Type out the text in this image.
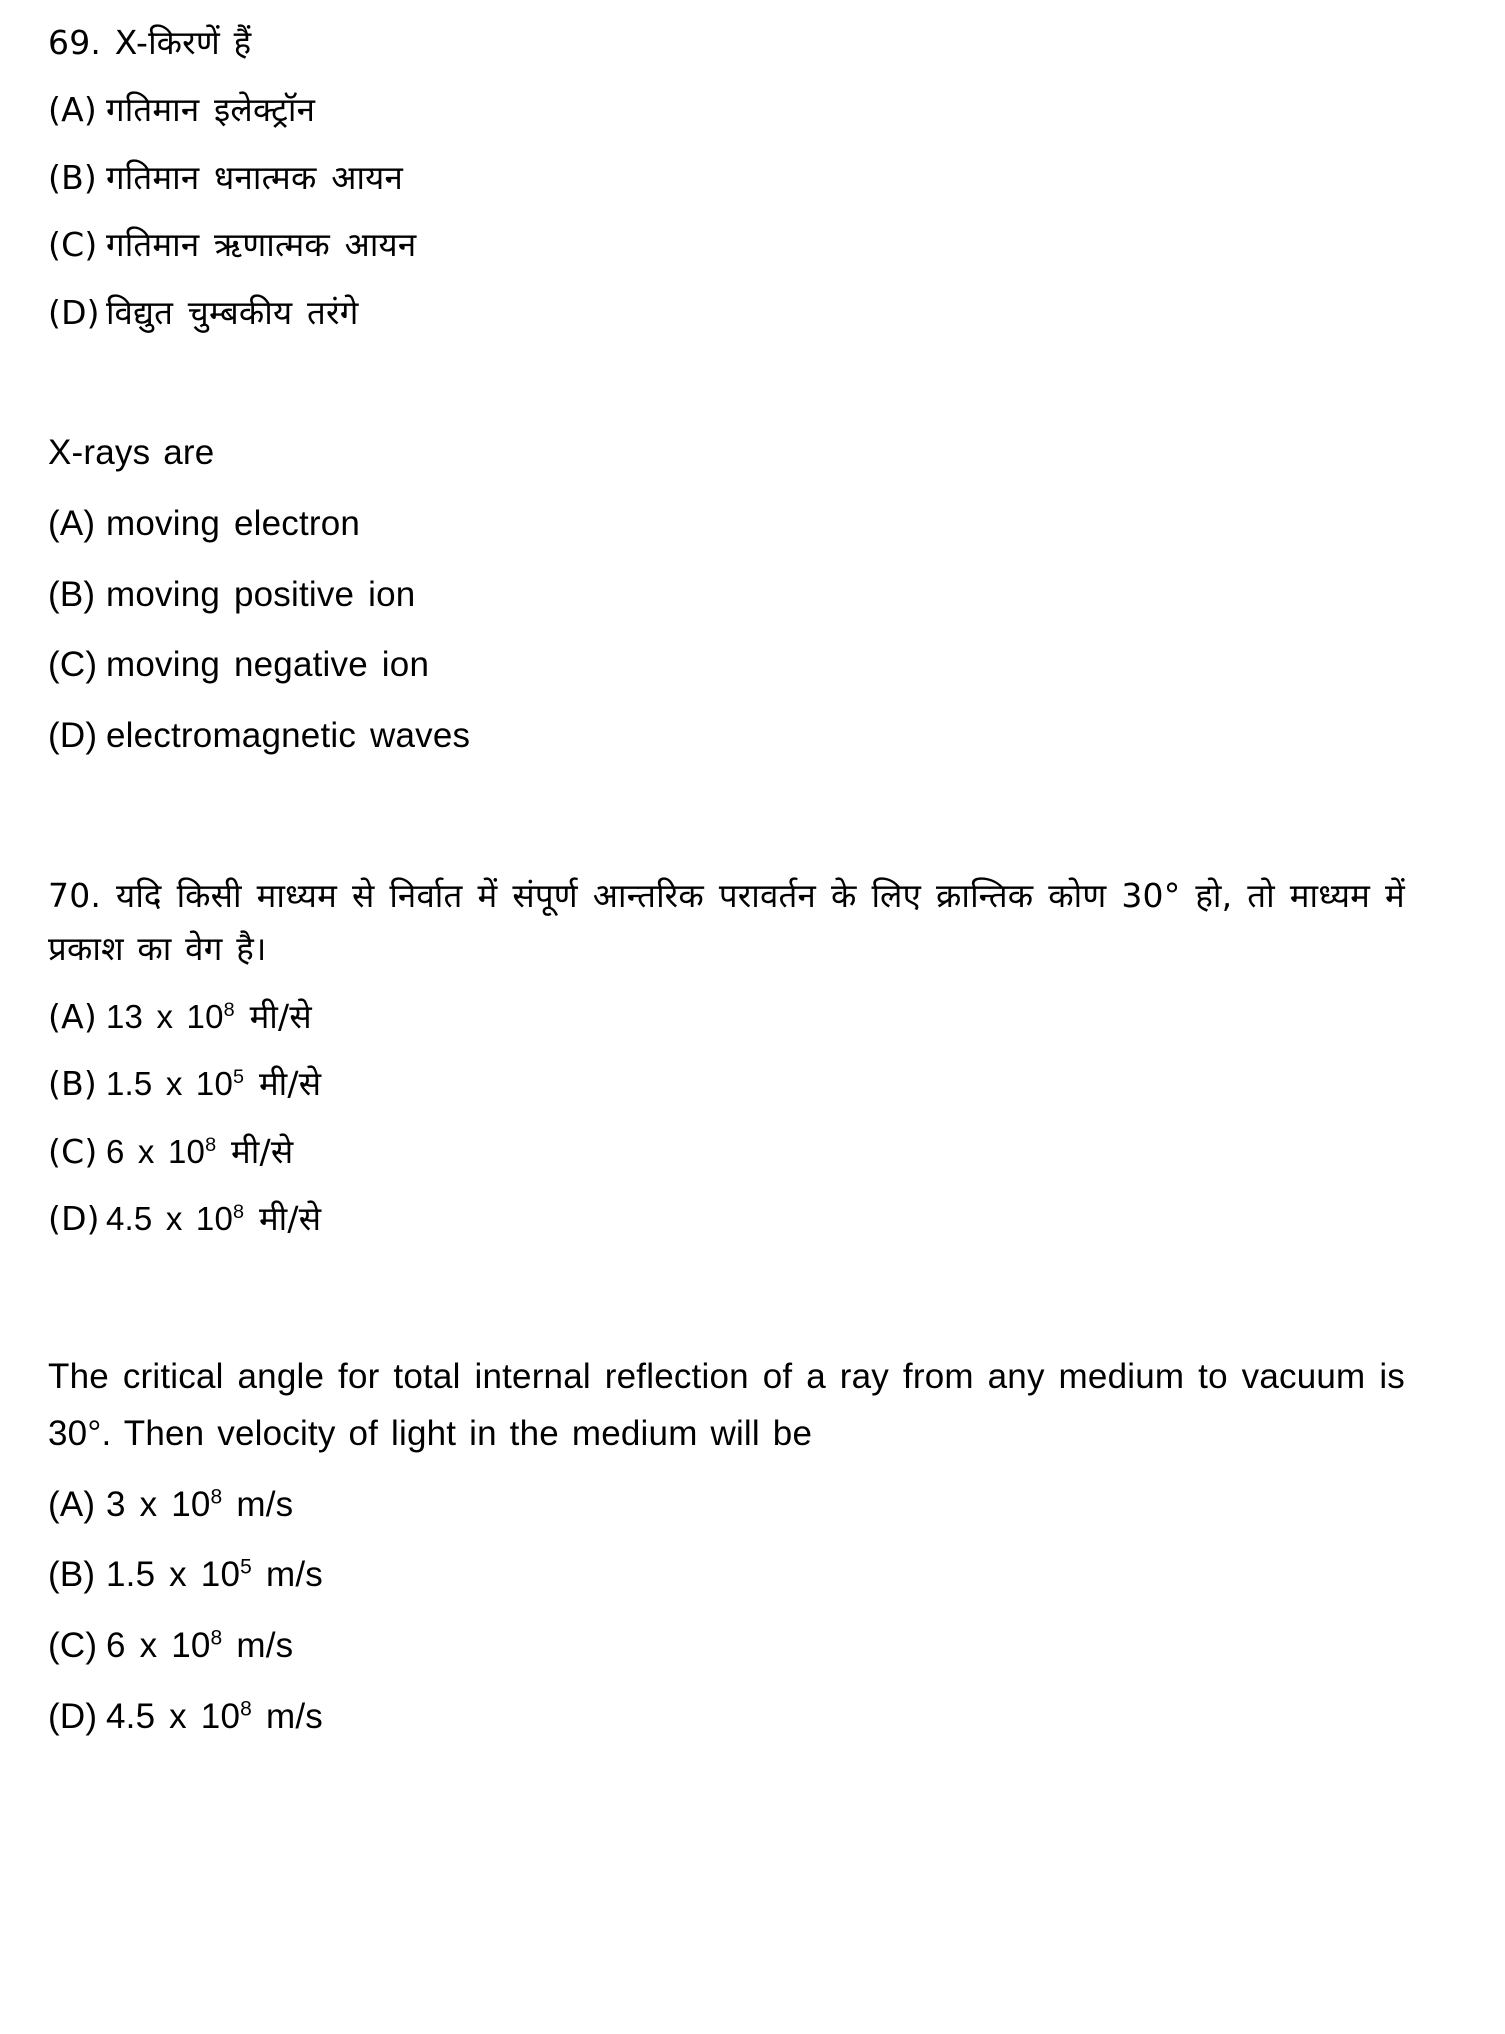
69. X-किरणें हैं
(A) गतिमान इलेक्ट्रॉन
(B) गतिमान धनात्मक आयन
(C) गतिमान ऋणात्मक आयन
(D) विद्युत चुम्बकीय तरंगे
X-rays are
(A) moving electron
(B) moving positive ion
(C) moving negative ion
(D) electromagnetic waves
70. यदि किसी माध्यम से निर्वात में संपूर्ण आन्तरिक परावर्तन के लिए क्रान्तिक कोण 30° हो, तो माध्यम में प्रकाश का वेग है।
(A) 13 x $10^8$ मी/से
(B) 1.5 x $10^5$ मी/से
(C) 6 x $10^8$ मी/से
(D) 4.5 x $10^8$ मी/से
The critical angle for total internal reflection of a ray from any medium to vacuum is 30°. Then velocity of light in the medium will be
(A) 3 x $10^8$ m/s
(B) 1.5 x $10^5$ m/s
(C) 6 x $10^8$ m/s
(D) 4.5 x $10^8$ m/s
